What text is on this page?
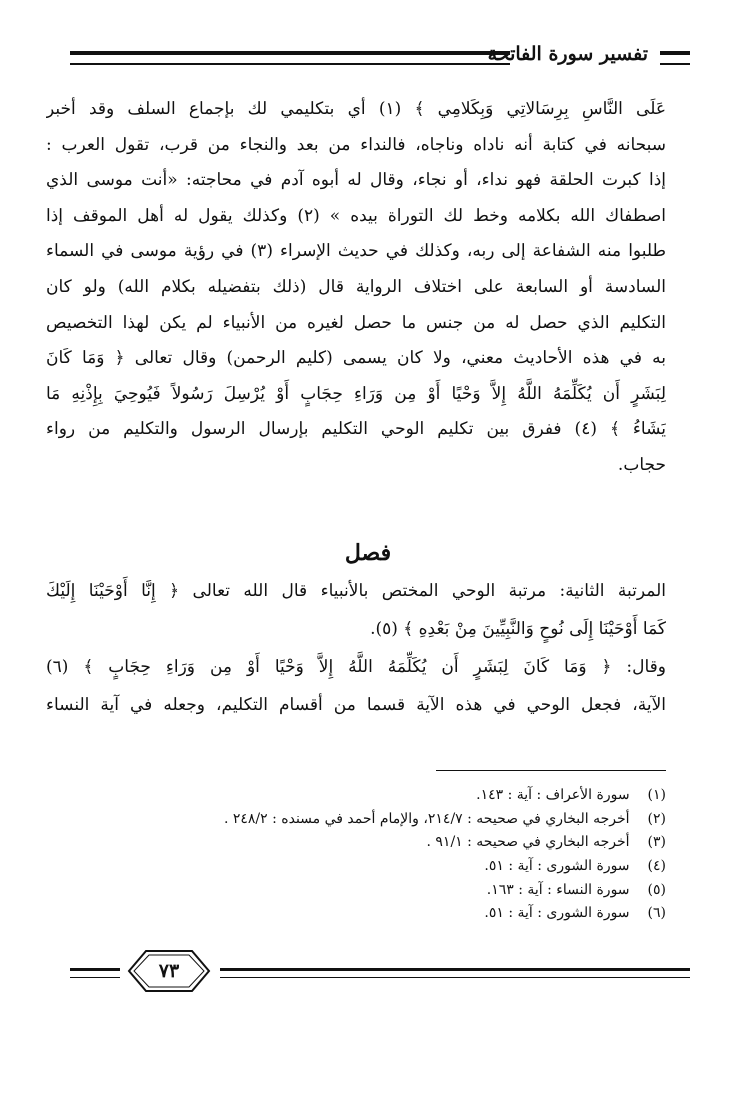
تفسير سورة الفاتحة
عَلَى النَّاسِ بِرِسَالاتِي وَبِكَلامِي ﴾ (١) أي بتكليمي لك بإجماع السلف وقد أخبر
سبحانه في كتابة أنه ناداه وناجاه، فالنداء من بعد والنجاء من قرب، تقول العرب :
إذا كبرت الحلقة فهو نداء، أو نجاء، وقال له أبوه آدم في محاجته: «أنت موسى الذي
اصطفاك الله بكلامه وخط لك التوراة بيده » (٢) وكذلك يقول له أهل الموقف إذا
طلبوا منه الشفاعة إلى ربه، وكذلك في حديث الإسراء (٣) في رؤية موسى في السماء
السادسة أو السابعة على اختلاف الرواية قال (ذلك بتفضيله بكلام الله) ولو كان
التكليم الذي حصل له من جنس ما حصل لغيره من الأنبياء لم يكن لهذا التخصيص
به في هذه الأحاديث معني، ولا كان يسمى (كليم الرحمن) وقال تعالى ﴿ وَمَا كَانَ
لِبَشَرٍ أَن يُكَلِّمَهُ اللَّهُ إِلاَّ وَحْيًا أَوْ مِن وَرَاءِ حِجَابٍ أَوْ يُرْسِلَ رَسُولاً فَيُوحِيَ بِإِذْنِهِ مَا
يَشَاءُ ﴾ (٤) ففرق بين تكليم الوحي التكليم بإرسال الرسول والتكليم من رواء
حجاب.
فصل
المرتبة الثانية: مرتبة الوحي المختص بالأنبياء قال الله تعالى ﴿ إِنَّا أَوْحَيْنَا إِلَيْكَ
كَمَا أَوْحَيْنَا إِلَى نُوحٍ وَالنَّبِيِّينَ مِنْ بَعْدِهِ ﴾ (٥).
وقال: ﴿ وَمَا كَانَ لِبَشَرٍ أَن يُكَلِّمَهُ اللَّهُ إِلاَّ وَحْيًا أَوْ مِن وَرَاءِ حِجَابٍ ﴾ (٦)
الآية، فجعل الوحي في هذه الآية قسما من أقسام التكليم، وجعله في آية النساء
(١) سورة الأعراف : آية : ١٤٣.
(٢) أخرجه البخاري في صحيحه : ٢١٤/٧، والإمام أحمد في مسنده : ٢٤٨/٢ .
(٣) أخرجه البخاري في صحيحه : ٩١/١ .
(٤) سورة الشورى : آية : ٥١.
(٥) سورة النساء : آية : ١٦٣.
(٦) سورة الشورى : آية : ٥١.
٧٣
